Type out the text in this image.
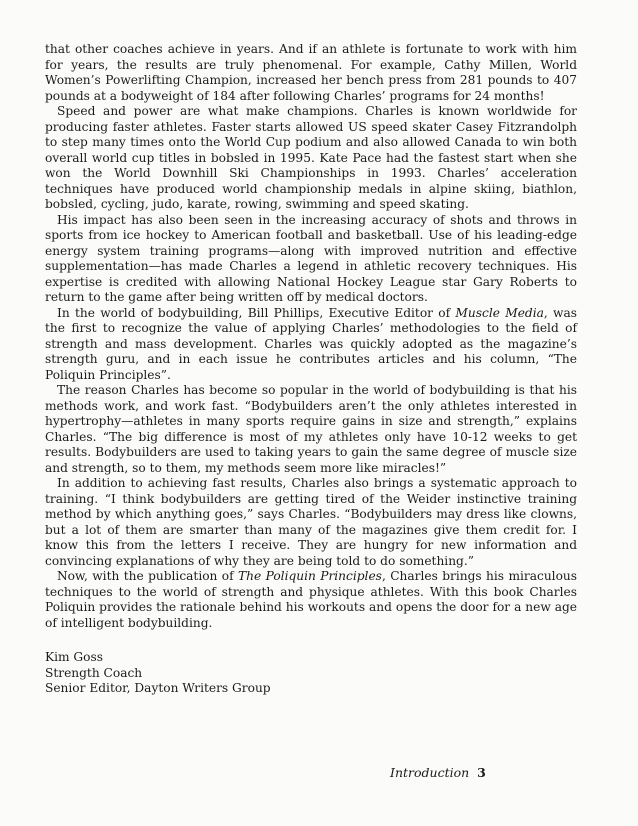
that other coaches achieve in years. And if an athlete is fortunate to work with him for years, the results are truly phenomenal. For example, Cathy Millen, World Women’s Powerlifting Champion, increased her bench press from 281 pounds to 407 pounds at a bodyweight of 184 after following Charles’ programs for 24 months!

Speed and power are what make champions. Charles is known worldwide for producing faster athletes. Faster starts allowed US speed skater Casey Fitzrandolph to step many times onto the World Cup podium and also allowed Canada to win both overall world cup titles in bobsled in 1995. Kate Pace had the fastest start when she won the World Downhill Ski Championships in 1993. Charles’ acceleration techniques have produced world championship medals in alpine skiing, biathlon, bobsled, cycling, judo, karate, rowing, swimming and speed skating.

His impact has also been seen in the increasing accuracy of shots and throws in sports from ice hockey to American football and basketball. Use of his leading-edge energy system training programs—along with improved nutrition and effective supplementation—has made Charles a legend in athletic recovery techniques. His expertise is credited with allowing National Hockey League star Gary Roberts to return to the game after being written off by medical doctors.

In the world of bodybuilding, Bill Phillips, Executive Editor of Muscle Media, was the first to recognize the value of applying Charles’ methodologies to the field of strength and mass development. Charles was quickly adopted as the magazine’s strength guru, and in each issue he contributes articles and his column, “The Poliquin Principles”.

The reason Charles has become so popular in the world of bodybuilding is that his methods work, and work fast. “Bodybuilders aren’t the only athletes interested in hypertrophy—athletes in many sports require gains in size and strength,” explains Charles. “The big difference is most of my athletes only have 10-12 weeks to get results. Bodybuilders are used to taking years to gain the same degree of muscle size and strength, so to them, my methods seem more like miracles!”

In addition to achieving fast results, Charles also brings a systematic approach to training. “I think bodybuilders are getting tired of the Weider instinctive training method by which anything goes,” says Charles. “Bodybuilders may dress like clowns, but a lot of them are smarter than many of the magazines give them credit for. I know this from the letters I receive. They are hungry for new information and convincing explanations of why they are being told to do something.”

Now, with the publication of The Poliquin Principles, Charles brings his miraculous techniques to the world of strength and physique athletes. With this book Charles Poliquin provides the rationale behind his workouts and opens the door for a new age of intelligent bodybuilding.

Kim Goss
Strength Coach
Senior Editor, Dayton Writers Group
Introduction 3
